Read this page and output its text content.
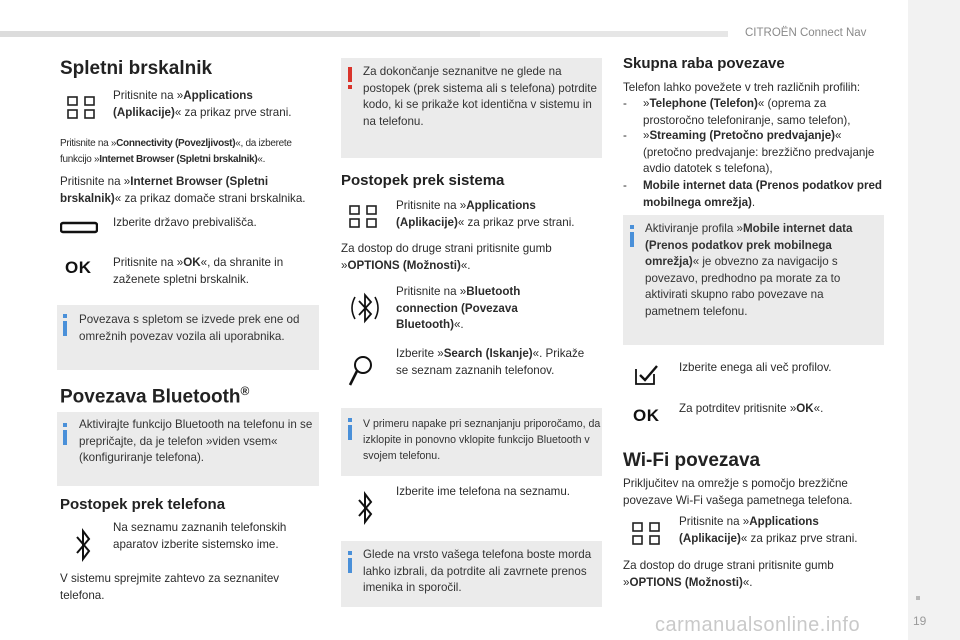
CITROËN Connect Nav
Spletni brskalnik
Pritisnite na »Applications (Aplikacije)« za prikaz prve strani.
Pritisnite na »Connectivity (Povezljivost)«, da izberete funkcijo »Internet Browser (Spletni brskalnik)«.
Pritisnite na »Internet Browser (Spletni brskalnik)« za prikaz domače strani brskalnika.
Izberite državo prebivališča.
OK Pritisnite na »OK«, da shranite in zaženete spletni brskalnik.
Povezava s spletom se izvede prek ene od omrežnih povezav vozila ali uporabnika.
Povezava Bluetooth®
Aktivirajte funkcijo Bluetooth na telefonu in se prepričajte, da je telefon »viden vsem« (konfiguriranje telefona).
Postopek prek telefona
Na seznamu zaznanih telefonskih aparatov izberite sistemsko ime.
V sistemu sprejmite zahtevo za seznanitev telefona.
Za dokončanje seznanitve ne glede na postopek (prek sistema ali s telefona) potrdite kodo, ki se prikaže kot identična v sistemu in na telefonu.
Postopek prek sistema
Pritisnite na »Applications (Aplikacije)« za prikaz prve strani.
Za dostop do druge strani pritisnite gumb »OPTIONS (Možnosti)«.
Pritisnite na »Bluetooth connection (Povezava Bluetooth)«.
Izberite »Search (Iskanje)«. Prikaže se seznam zaznanih telefonov.
V primeru napake pri seznanjanju priporočamo, da izklopite in ponovno vklopite funkcijo Bluetooth v svojem telefonu.
Izberite ime telefona na seznamu.
Glede na vrsto vašega telefona boste morda lahko izbrali, da potrdite ali zavrnete prenos imenika in sporočil.
Skupna raba povezave
Telefon lahko povežete v treh različnih profilih:
- »Telephone (Telefon)« (oprema za prostoročno telefoniranje, samo telefon),
- »Streaming (Pretočno predvajanje)« (pretočno predvajanje: brezžično predvajanje avdio datotek s telefona),
- Mobile internet data (Prenos podatkov pred mobilnega omrežja).
Aktiviranje profila »Mobile internet data (Prenos podatkov prek mobilnega omrežja)« je obvezno za navigacijo s povezavo, predhodno pa morate za to aktivirati skupno rabo povezave na pametnem telefonu.
Izberite enega ali več profilov.
OK Za potrditev pritisnite »OK«.
Wi-Fi povezava
Priključitev na omrežje s pomočjo brezžične povezave Wi-Fi vašega pametnega telefona.
Pritisnite na »Applications (Aplikacije)« za prikaz prve strani.
Za dostop do druge strani pritisnite gumb »OPTIONS (Možnosti)«.
19
carmanualsonline.info
